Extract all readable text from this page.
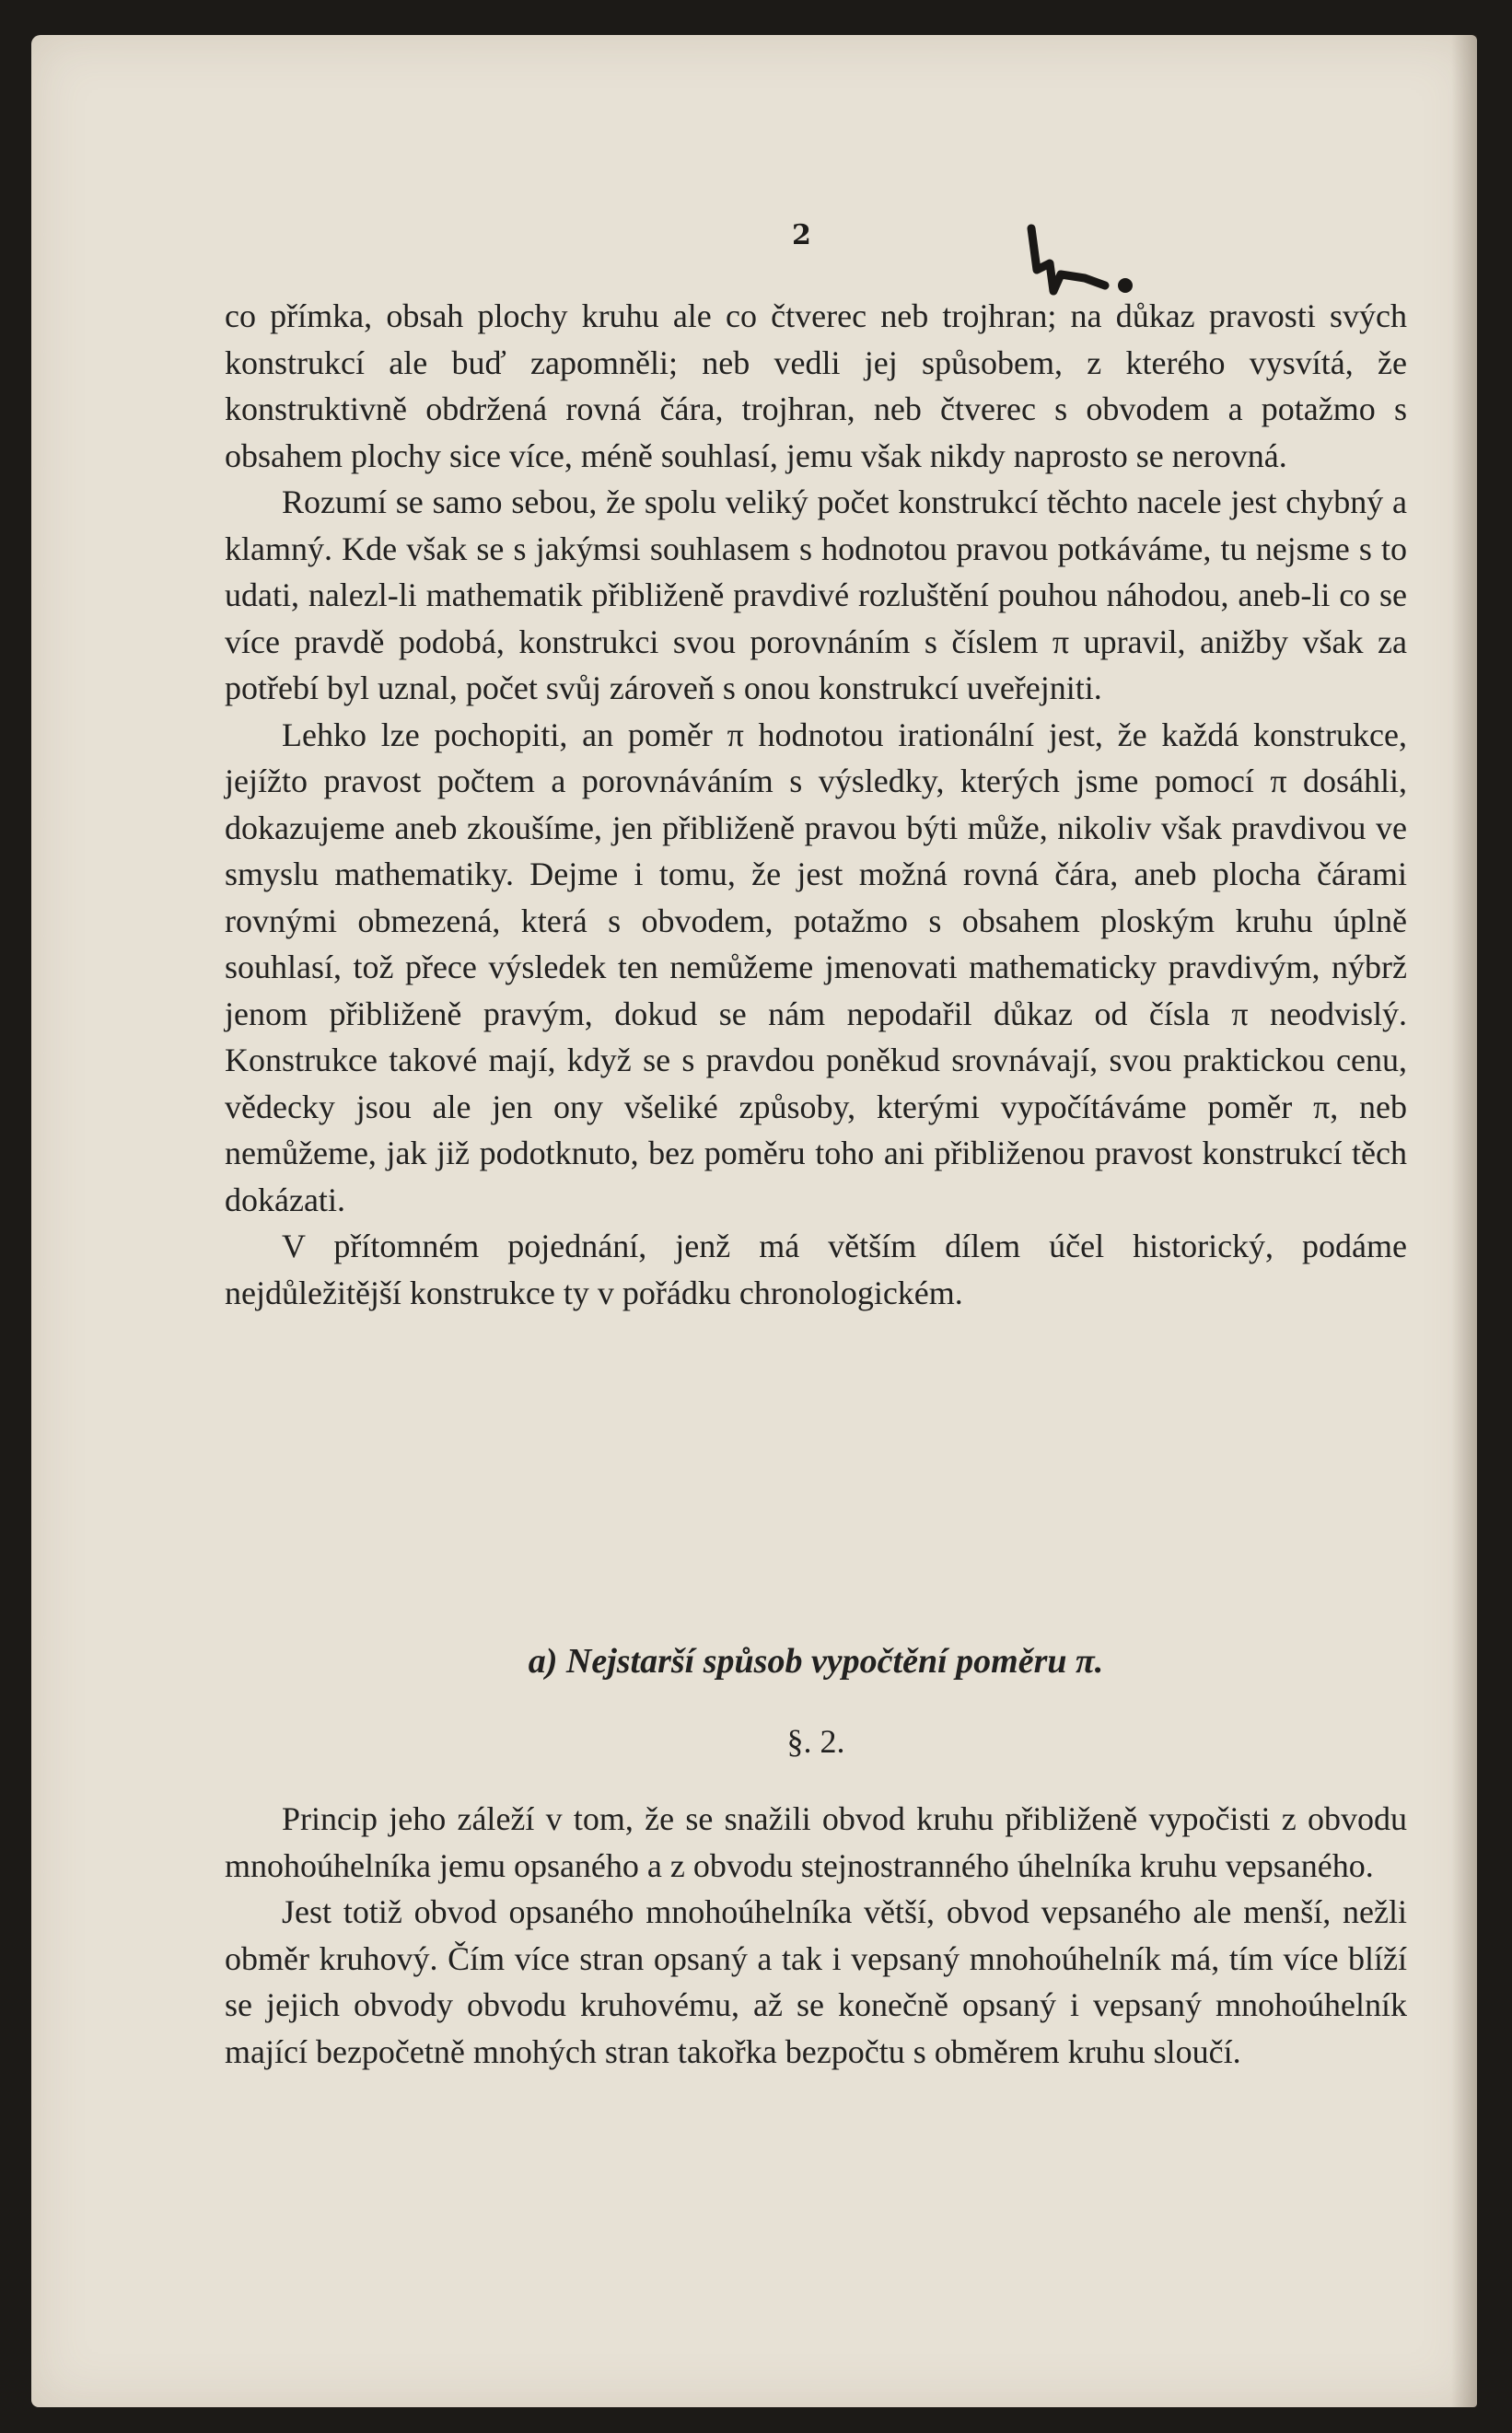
2

co přímka, obsah plochy kruhu ale co čtverec neb trojhran; na důkaz pravosti svých konstrukcí ale buď zapomněli; neb vedli jej spůsobem, z kterého vysvítá, že konstruktivně obdržená rovná čára, trojhran, neb čtverec s obvodem a potažmo s obsahem plochy sice více, méně souhlasí, jemu však nikdy naprosto se nerovná.

Rozumí se samo sebou, že spolu veliký počet konstrukcí těchto nacele jest chybný a klamný. Kde však se s jakýmsi souhlasem s hodnotou pravou potkáváme, tu nejsme s to udati, nalezl-li mathematik přibliženě pravdivé rozluštění pouhou náhodou, aneb-li co se více pravdě podobá, konstrukci svou porovnáním s číslem π upravil, anižby však za potřebí byl uznal, počet svůj zároveň s onou konstrukcí uveřejniti.

Lehko lze pochopiti, an poměr π hodnotou irationální jest, že každá konstrukce, jejížto pravost počtem a porovnáváním s výsledky, kterých jsme pomocí π dosáhli, dokazujeme aneb zkoušíme, jen přibliženě pravou býti může, nikoliv však pravdivou ve smyslu mathematiky. Dejme i tomu, že jest možná rovná čára, aneb plocha čárami rovnými obmezená, která s obvodem, potažmo s obsahem ploským kruhu úplně souhlasí, tož přece výsledek ten nemůžeme jmenovati mathematicky pravdivým, nýbrž jenom přibliženě pravým, dokud se nám nepodařil důkaz od čísla π neodvislý. Konstrukce takové mají, když se s pravdou poněkud srovnávají, svou praktickou cenu, vědecky jsou ale jen ony všeliké způsoby, kterými vypočítáváme poměr π, neb nemůžeme, jak již podotknuto, bez poměru toho ani přibliženou pravost konstrukcí těch dokázati.

V přítomném pojednání, jenž má větším dílem účel historický, podáme nejdůležitější konstrukce ty v pořádku chronologickém.

a) Nejstarší spůsob vypočtění poměru π.
§. 2.

Princip jeho záleží v tom, že se snažili obvod kruhu přibliženě vypočisti z obvodu mnohoúhelníka jemu opsaného a z obvodu stejnostranného úhelníka kruhu vepsaného.

Jest totiž obvod opsaného mnohoúhelníka větší, obvod vepsaného ale menší, nežli obměr kruhový. Čím více stran opsaný a tak i vepsaný mnohoúhelník má, tím více blíží se jejich obvody obvodu kruhovému, až se konečně opsaný i vepsaný mnohoúhelník mající bezpočetně mnohých stran takořka bezpočtu s obměrem kruhu sloučí.
